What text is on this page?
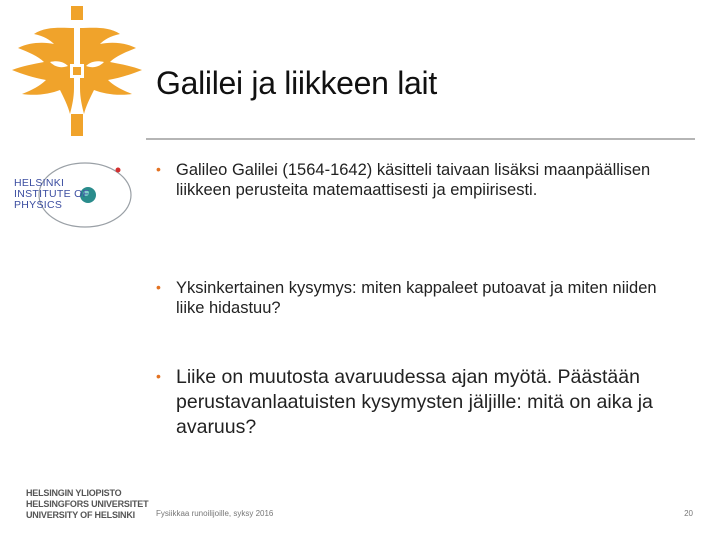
Galilei ja liikkeen lait
HELSINKI
INSTITUTE OF
PHYSICS
• Galileo Galilei (1564-1642) käsitteli taivaan lisäksi maanpäällisen liikkeen perusteita matemaattisesti ja empiirisesti.
• Yksinkertainen kysymys: miten kappaleet putoavat ja miten niiden liike hidastuu?
• Liike on muutosta avaruudessa ajan myötä. Päästään perustavanlaatuisten kysymysten jäljille: mitä on aika ja avaruus?
HELSINGIN YLIOPISTO
HELSINGFORS UNIVERSITET
UNIVERSITY OF HELSINKI	Fysiikkaa runoilijoille, syksy 2016	20
